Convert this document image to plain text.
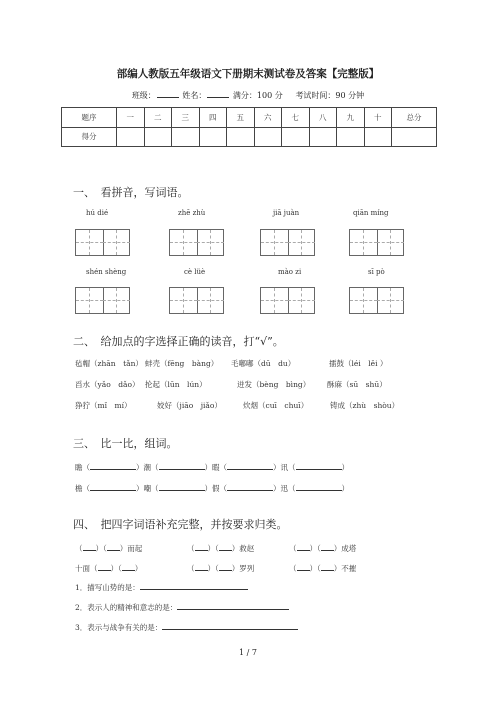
部编人教版五年级语文下册期末测试卷及答案【完整版】
班级：	姓名：	满分：100 分 考试时间：90 分钟
题序	一	二	三	四	五	六	七	八	九	十	总分
得分											
一、　看拼音，写词语。
hú dié	zhē zhù	jiā juàn	qiān míng
shén shèng	cè lüè	mào zi	sī pò
二、　给加点的字选择正确的读音，打“√”。
毡帽（zhān　tǎn） 蚌壳（fēng　bàng） 毛嘟嘟（dū　du）	擂鼓（léi　lěi ）
舀水（yǎo　dǎo） 抡起（lūn　lún）	迸发（bèng　bìng） 酥麻（sū　shū）
狰狞（mǐ　mí）	姣好（jiāo　jiǎo）	炊烟（cuī　chuī）	铸成（zhù　shòu）
三、　比一比，组词。
瞻（	）潮（	）暇（	）讯（	）
檐（	）嘲（	）假（	）迅（	）
四、　把四字词语补充完整，并按要求归类。
（ ）（ ）而起	（ ）（ ）救赵	（ ）（ ）成塔
十面（ ）（ ）	（ ）（ ）罗列	（ ）（ ）不摧
1．描写山势的是：
2．表示人的精神和意志的是：
3．表示与战争有关的是：
1 / 7
